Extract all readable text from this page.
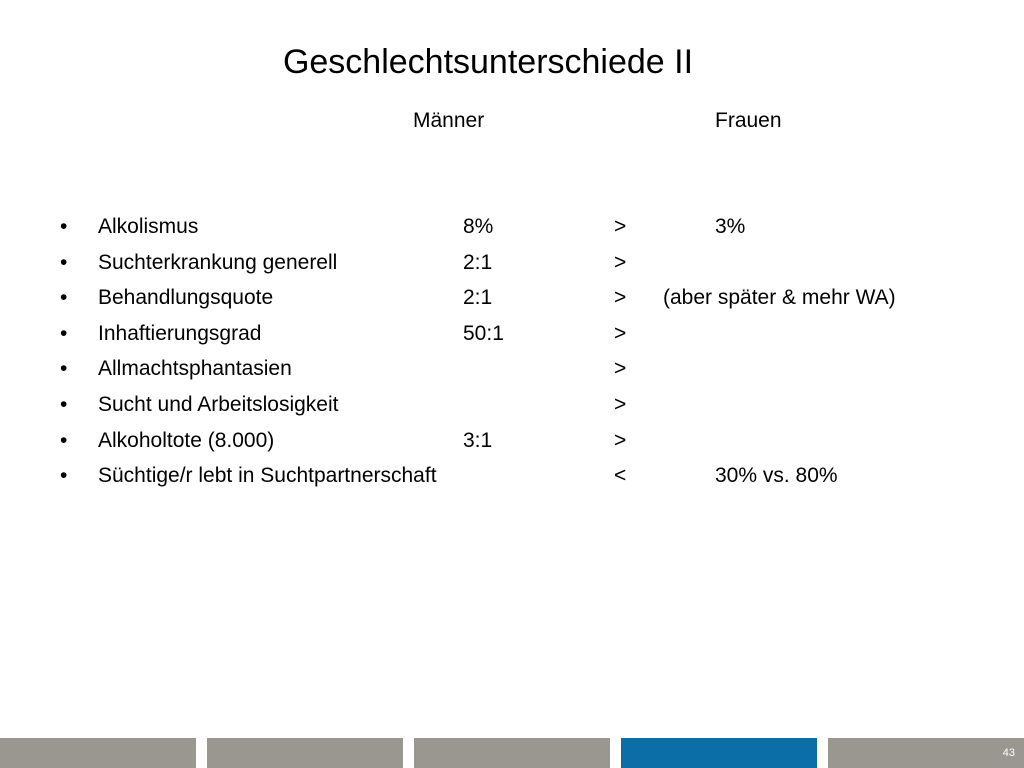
Geschlechtsunterschiede II
Männer	Frauen
• Alkolismus	8%	>	3%
• Suchterkrankung generell	2:1	>
• Behandlungsquote	2:1	> (aber später & mehr WA)
• Inhaftierungsgrad	50:1	>
• Allmachtsphantasien	>
• Sucht und Arbeitslosigkeit	>
• Alkoholtote (8.000)	3:1	>
• Süchtige/r lebt in Suchtpartnerschaft	<	30% vs. 80%
43
